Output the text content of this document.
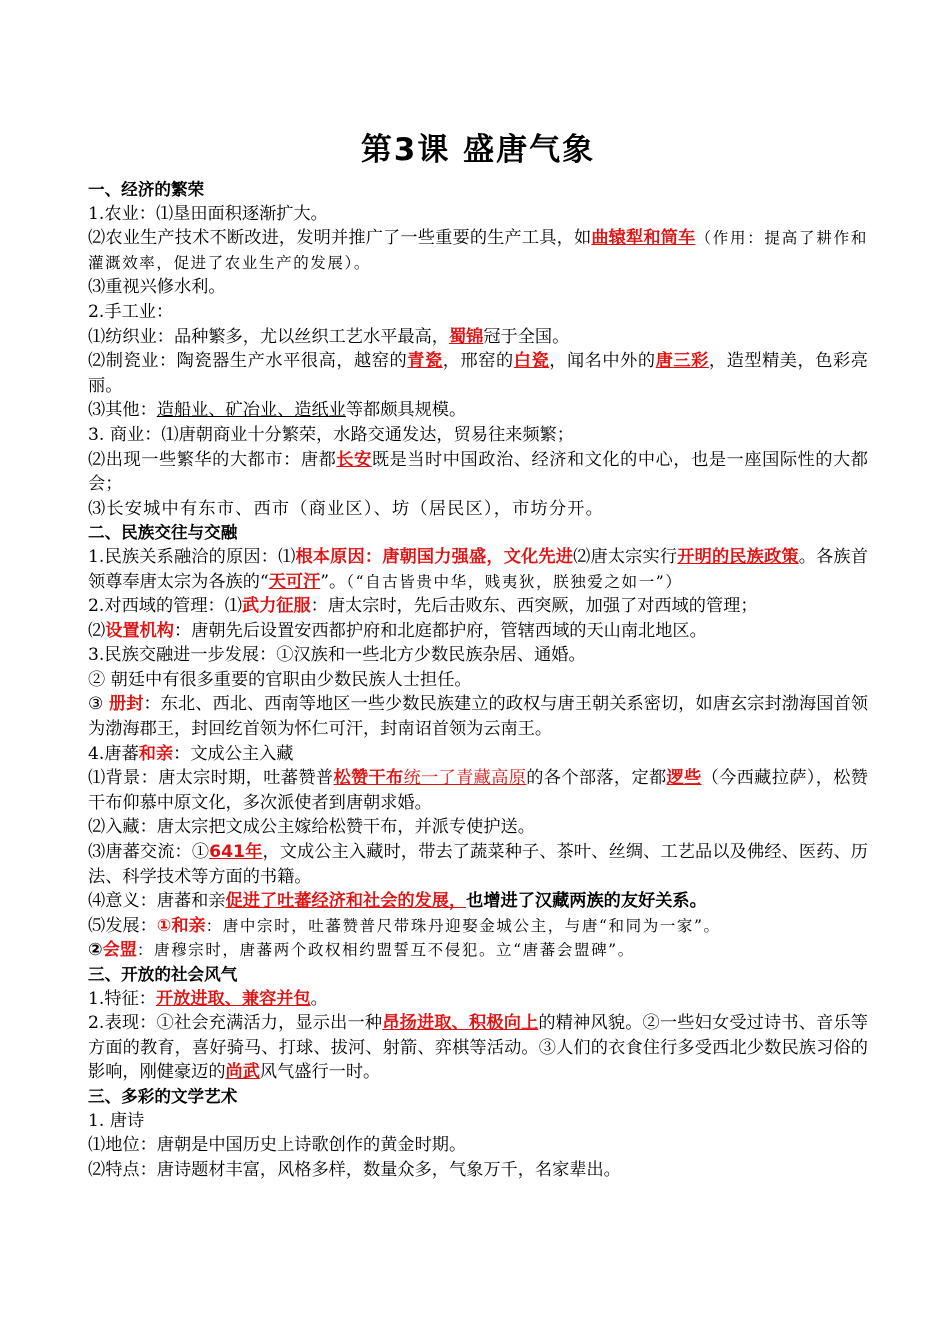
第3课 盛唐气象
一、经济的繁荣

1.农业：⑴垦田面积逐渐扩大。

⑵农业生产技术不断改进，发明并推广了一些重要的生产工具，如曲辕犁和筒车（作用：提高了耕作和灌溉效率，促进了农业生产的发展）。

⑶重视兴修水利。

2.手工业：

⑴纺织业：品种繁多，尤以丝织工艺水平最高，蜀锦冠于全国。

⑵制瓷业：陶瓷器生产水平很高，越窑的青瓷，邢窑的白瓷，闻名中外的唐三彩，造型精美，色彩亮丽。

⑶其他：造船业、矿冶业、造纸业等都颇具规模。

3. 商业：⑴唐朝商业十分繁荣，水路交通发达，贸易往来频繁；

⑵出现一些繁华的大都市：唐都长安既是当时中国政治、经济和文化的中心，也是一座国际性的大都会；

⑶长安城中有东市、西市（商业区）、坊（居民区），市坊分开。

二、民族交往与交融

1.民族关系融洽的原因：⑴根本原因：唐朝国力强盛，文化先进⑵唐太宗实行开明的民族政策。各族首领尊奉唐太宗为各族的“天可汗”。（“自古皆贵中华，贱夷狄，朕独爱之如一”）

2.对西域的管理：⑴武力征服：唐太宗时，先后击败东、西突厥，加强了对西域的管理；

⑵设置机构：唐朝先后设置安西都护府和北庭都护府，管辖西域的天山南北地区。

3.民族交融进一步发展：①汉族和一些北方少数民族杂居、通婚。

② 朝廷中有很多重要的官职由少数民族人士担任。

③ 册封：东北、西北、西南等地区一些少数民族建立的政权与唐王朝关系密切，如唐玄宗封渤海国首领为渤海郡王，封回纥首领为怀仁可汗，封南诏首领为云南王。

4.唐蕃和亲：文成公主入藏

⑴背景：唐太宗时期，吐蕃赞普松赞干布统一了青藏高原的各个部落，定都逻些（今西藏拉萨），松赞干布仰慕中原文化，多次派使者到唐朝求婚。

⑵入藏：唐太宗把文成公主嫁给松赞干布，并派专使护送。

⑶唐蕃交流：①641年，文成公主入藏时，带去了蔬菜种子、茶叶、丝绸、工艺品以及佛经、医药、历法、科学技术等方面的书籍。

⑷意义：唐蕃和亲促进了吐蕃经济和社会的发展，也增进了汉藏两族的友好关系。

⑸发展：①和亲：唐中宗时，吐蕃赞普尺带珠丹迎娶金城公主，与唐“和同为一家”。

②会盟：唐穆宗时，唐蕃两个政权相约盟誓互不侵犯。立“唐蕃会盟碑”。

三、开放的社会风气

1.特征：开放进取、兼容并包。

2.表现：①社会充满活力，显示出一种昂扬进取、积极向上的精神风貌。②一些妇女受过诗书、音乐等方面的教育，喜好骑马、打球、拔河、射箭、弈棋等活动。③人们的衣食住行多受西北少数民族习俗的影响，刚健豪迈的尚武风气盛行一时。

三、多彩的文学艺术

1. 唐诗

⑴地位：唐朝是中国历史上诗歌创作的黄金时期。

⑵特点：唐诗题材丰富，风格多样，数量众多，气象万千，名家辈出。
